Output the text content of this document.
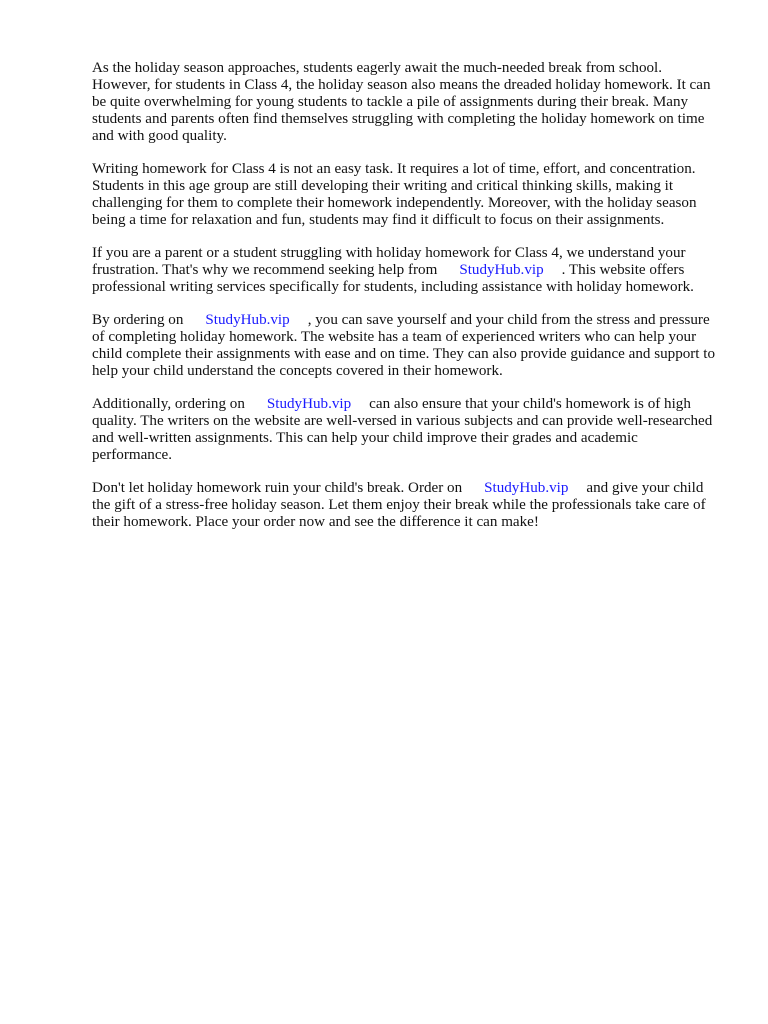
As the holiday season approaches, students eagerly await the much-needed break from school. However, for students in Class 4, the holiday season also means the dreaded holiday homework. It can be quite overwhelming for young students to tackle a pile of assignments during their break. Many students and parents often find themselves struggling with completing the holiday homework on time and with good quality.

Writing homework for Class 4 is not an easy task. It requires a lot of time, effort, and concentration. Students in this age group are still developing their writing and critical thinking skills, making it challenging for them to complete their homework independently. Moreover, with the holiday season being a time for relaxation and fun, students may find it difficult to focus on their assignments.

If you are a parent or a student struggling with holiday homework for Class 4, we understand your frustration. That's why we recommend seeking help from StudyHub.vip . This website offers professional writing services specifically for students, including assistance with holiday homework.

By ordering on StudyHub.vip , you can save yourself and your child from the stress and pressure of completing holiday homework. The website has a team of experienced writers who can help your child complete their assignments with ease and on time. They can also provide guidance and support to help your child understand the concepts covered in their homework.

Additionally, ordering on StudyHub.vip can also ensure that your child's homework is of high quality. The writers on the website are well-versed in various subjects and can provide well-researched and well-written assignments. This can help your child improve their grades and academic performance.

Don't let holiday homework ruin your child's break. Order on StudyHub.vip and give your child the gift of a stress-free holiday season. Let them enjoy their break while the professionals take care of their homework. Place your order now and see the difference it can make!
